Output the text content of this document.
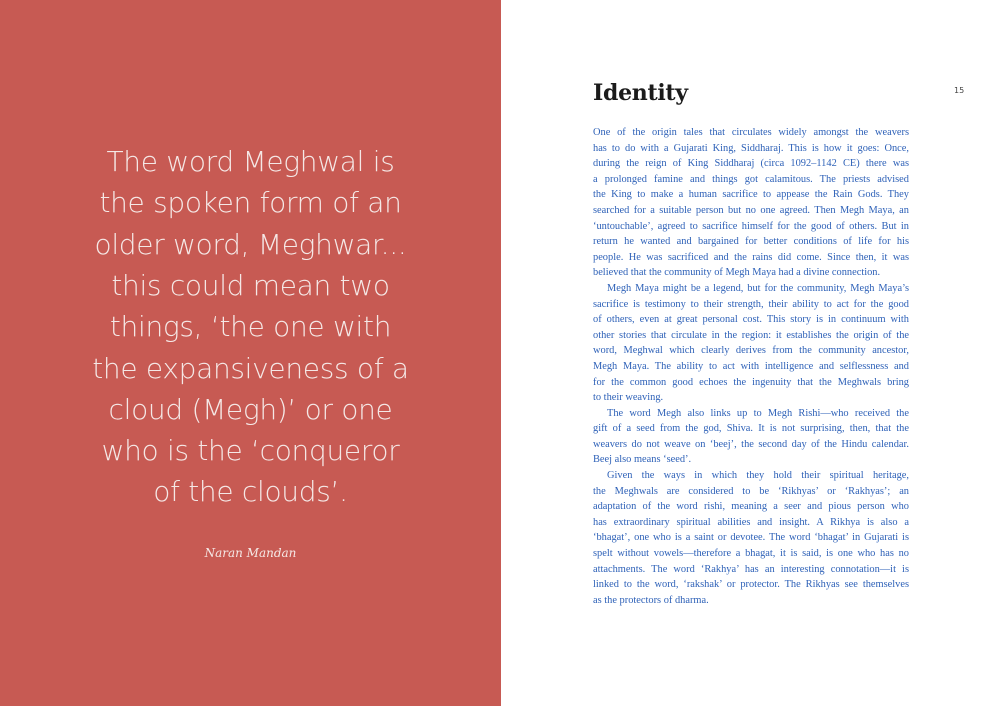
The word Meghwal is
the spoken form of an
older word, Meghwar...
this could mean two
things, ‘the one with
the expansiveness of a
cloud (Megh)’ or one
who is the ‘conqueror
of the clouds’.
Naran Mandan
Identity	15
One of the origin tales that circulates widely amongst the weavers
has to do with a Gujarati King, Siddharaj. This is how it goes: Once,
during the reign of King Siddharaj (circa 1092–1142 CE) there was
a prolonged famine and things got calamitous. The priests advised
the King to make a human sacrifice to appease the Rain Gods. They
searched for a suitable person but no one agreed. Then Megh Maya, an
‘untouchable’, agreed to sacrifice himself for the good of others. But in
return he wanted and bargained for better conditions of life for his
people. He was sacrificed and the rains did come. Since then, it was
believed that the community of Megh Maya had a divine connection.
Megh Maya might be a legend, but for the community, Megh Maya’s
sacrifice is testimony to their strength, their ability to act for the good
of others, even at great personal cost. This story is in continuum with
other stories that circulate in the region: it establishes the origin of the
word, Meghwal which clearly derives from the community ancestor,
Megh Maya. The ability to act with intelligence and selflessness and
for the common good echoes the ingenuity that the Meghwals bring
to their weaving.
The word Megh also links up to Megh Rishi—who received the
gift of a seed from the god, Shiva. It is not surprising, then, that the
weavers do not weave on ‘beej’, the second day of the Hindu calendar.
Beej also means ‘seed’.
Given the ways in which they hold their spiritual heritage,
the Meghwals are considered to be ‘Rikhyas’ or ‘Rakhyas’; an
adaptation of the word rishi, meaning a seer and pious person who
has extraordinary spiritual abilities and insight. A Rikhya is also a
‘bhagat’, one who is a saint or devotee. The word ‘bhagat’ in Gujarati is
spelt without vowels—therefore a bhagat, it is said, is one who has no
attachments. The word ‘Rakhya’ has an interesting connotation—it is
linked to the word, ‘rakshak’ or protector. The Rikhyas see themselves
as the protectors of dharma.
